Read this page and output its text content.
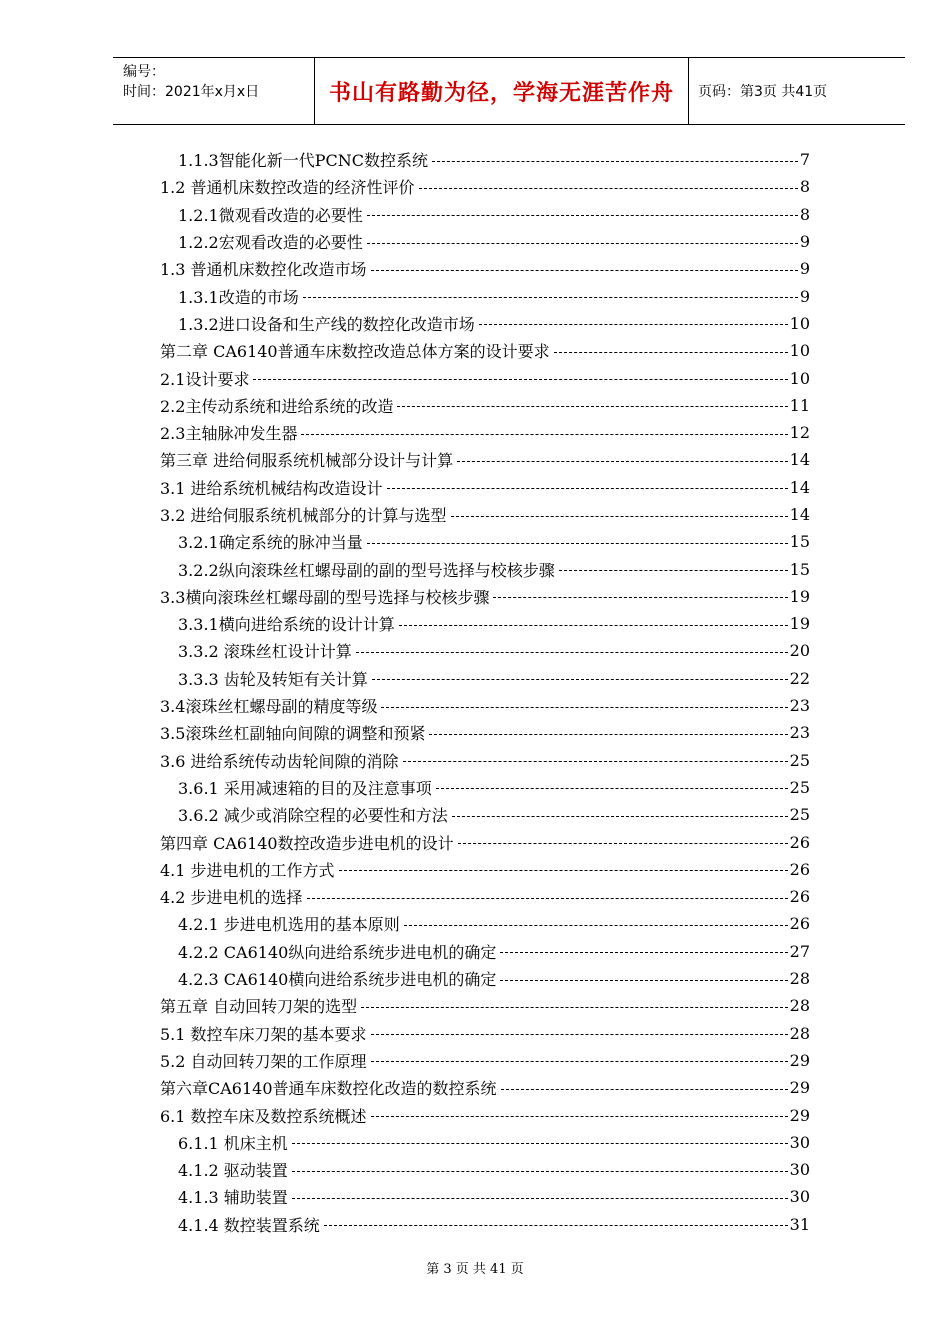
编号：
时间：2021年x月x日	书山有路勤为径，学海无涯苦作舟 页码：第3页 共41页
1.1.3智能化新一代PCNC数控系统	7
1.2 普通机床数控改造的经济性评价	8
1.2.1微观看改造的必要性	8
1.2.2宏观看改造的必要性	9
1.3 普通机床数控化改造市场	9
1.3.1改造的市场	9
1.3.2进口设备和生产线的数控化改造市场	10
第二章 CA6140普通车床数控改造总体方案的设计要求	10
2.1设计要求	10
2.2主传动系统和进给系统的改造	11
2.3主轴脉冲发生器	12
第三章 进给伺服系统机械部分设计与计算	14
3.1 进给系统机械结构改造设计	14
3.2 进给伺服系统机械部分的计算与选型	14
3.2.1确定系统的脉冲当量	15
3.2.2纵向滚珠丝杠螺母副的副的型号选择与校核步骤	15
3.3横向滚珠丝杠螺母副的型号选择与校核步骤	19
3.3.1横向进给系统的设计计算	19
3.3.2 滚珠丝杠设计计算	20
3.3.3 齿轮及转矩有关计算	22
3.4滚珠丝杠螺母副的精度等级	23
3.5滚珠丝杠副轴向间隙的调整和预紧	23
3.6 进给系统传动齿轮间隙的消除	25
3.6.1 采用减速箱的目的及注意事项	25
3.6.2 减少或消除空程的必要性和方法	25
第四章 CA6140数控改造步进电机的设计	26
4.1 步进电机的工作方式	26
4.2 步进电机的选择	26
4.2.1 步进电机选用的基本原则	26
4.2.2 CA6140纵向进给系统步进电机的确定	27
4.2.3 CA6140横向进给系统步进电机的确定	28
第五章 自动回转刀架的选型	28
5.1 数控车床刀架的基本要求	28
5.2 自动回转刀架的工作原理	29
第六章CA6140普通车床数控化改造的数控系统	29
6.1 数控车床及数控系统概述	29
6.1.1 机床主机	30
4.1.2 驱动装置	30
4.1.3 辅助装置	30
4.1.4 数控装置系统	31
第 3 页 共 41 页
